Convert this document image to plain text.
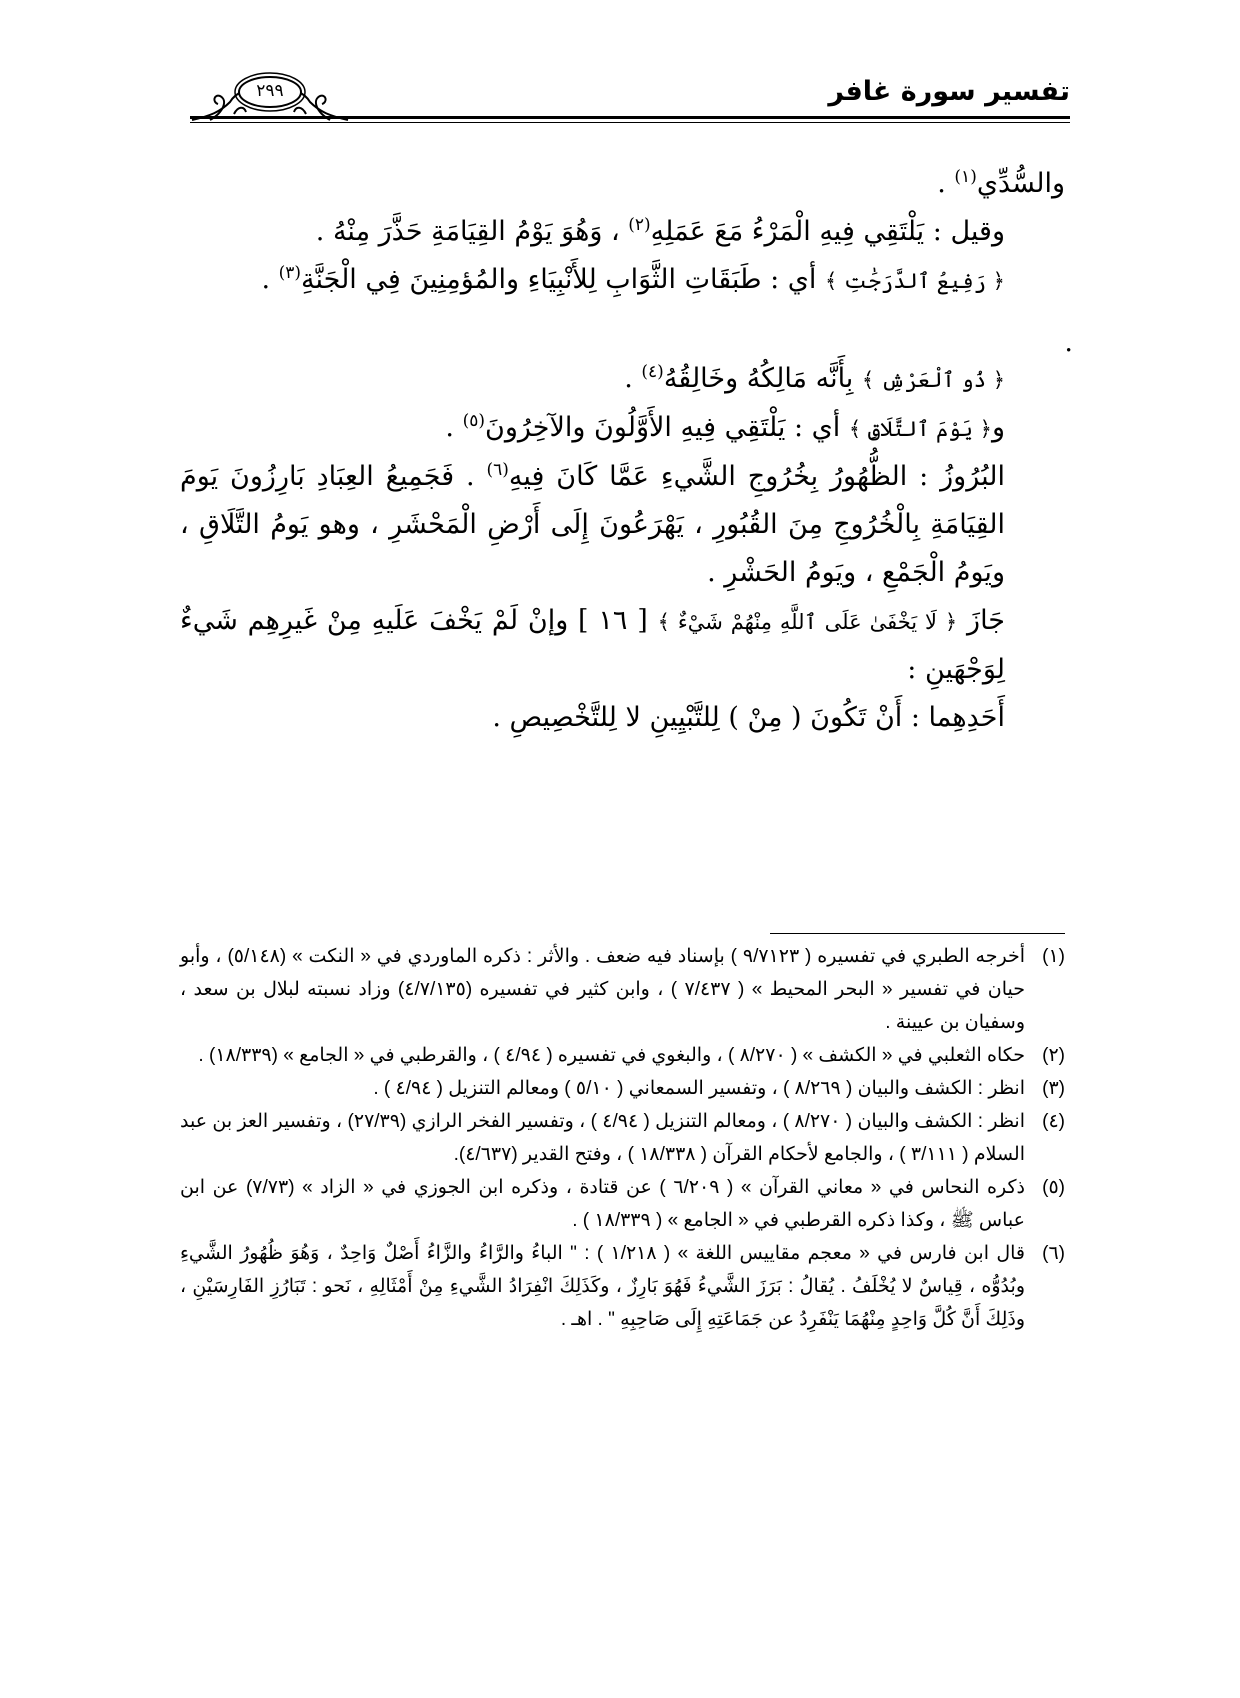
تفسير سورة غافر
٢٩٩

والسُّدِّي$^{(١)}$ .

وقيل : يَلْتَقِي فِيهِ الْمَرْءُ مَعَ عَمَلِهِ$^{(٢)}$ ، وَهُوَ يَوْمُ القِيَامَةِ حَذَّرَ مِنْهُ .

﴿ رَفِيعُ ٱلدَّرَجَٰتِ ﴾ أي : طَبَقَاتِ الثَّوَابِ لِلأَنْبِيَاءِ والمُؤمِنِينَ فِي الْجَنَّةِ$^{(٣)}$ .

.

﴿ ذُو ٱلْعَرْشِ ﴾ بِأَنَّه مَالِكُهُ وخَالِقُهُ$^{(٤)}$ .

و﴿ يَوْمَ ٱلتَّلَاقِ ﴾ أي : يَلْتَقِي فِيهِ الأَوَّلُونَ والآخِرُونَ$^{(٥)}$ .

البُرُوزُ : الظُّهُورُ بِخُرُوجِ الشَّيءِ عَمَّا كَانَ فِيهِ$^{(٦)}$ . فَجَمِيعُ العِبَادِ بَارِزُونَ يَومَ القِيَامَةِ بِالْخُرُوجِ مِنَ القُبُورِ ، يَهْرَعُونَ إِلَى أَرْضِ الْمَحْشَرِ ، وهو يَومُ التَّلَاقِ ، ويَومُ الْجَمْعِ ، ويَومُ الحَشْرِ .

جَازَ ﴿ لَا يَخْفَىٰ عَلَى ٱللَّهِ مِنْهُمْ شَيْءٌ ﴾ [ ١٦ ] وإنْ لَمْ يَخْفَ عَلَيهِ مِنْ غَيرِهِم شَيءٌ لِوَجْهَينِ :

أَحَدِهِما : أَنْ تَكُونَ ( مِنْ ) لِلتَّبْيِينِ لا لِلتَّخْصِيصِ .

(١)
أخرجه الطبري في تفسيره ( ٩/٧١٢٣ ) بإسناد فيه ضعف . والأثر : ذكره الماوردي في « النكت » (٥/١٤٨) ، وأبو حيان في تفسير « البحر المحيط » ( ٧/٤٣٧ ) ، وابن كثير في تفسيره (٤/٧/١٣٥) وزاد نسبته لبلال بن سعد ، وسفيان بن عيينة .
(٢)
حكاه الثعلبي في « الكشف » ( ٨/٢٧٠ ) ، والبغوي في تفسيره ( ٤/٩٤ ) ، والقرطبي في « الجامع » (١٨/٣٣٩) .
(٣)
انظر : الكشف والبيان ( ٨/٢٦٩ ) ، وتفسير السمعاني ( ٥/١٠ ) ومعالم التنزيل ( ٤/٩٤ ) .
(٤)
انظر : الكشف والبيان ( ٨/٢٧٠ ) ، ومعالم التنزيل ( ٤/٩٤ ) ، وتفسير الفخر الرازي (٢٧/٣٩) ، وتفسير العز بن عبد السلام ( ٣/١١١ ) ، والجامع لأحكام القرآن ( ١٨/٣٣٨ ) ، وفتح القدير (٤/٦٣٧).
(٥)
ذكره النحاس في « معاني القرآن » ( ٦/٢٠٩ ) عن قتادة ، وذكره ابن الجوزي في « الزاد » (٧/٧٣) عن ابن عباس ﷺ ، وكذا ذكره القرطبي في « الجامع » ( ١٨/٣٣٩ ) .
(٦)
قال ابن فارس في « معجم مقاييس اللغة » ( ١/٢١٨ ) : " الباءُ والرَّاءُ والزَّاءُ أَصْلٌ وَاحِدٌ ، وَهُوَ ظُهُورُ الشَّيءِ وبُدُوُّه ، قِياسٌ لا يُخْلَفُ . يُقالُ : بَرَزَ الشَّيءُ فَهُوَ بَارِزٌ ، وكَذَلِكَ انْفِرَادُ الشَّيءِ مِنْ أَمْثَالِهِ ، نَحو : تَبَارُزِ الفَارِسَيْنِ ، وذَلِكَ أَنَّ كُلَّ وَاحِدٍ مِنْهُمَا يَنْفَرِدُ عن جَمَاعَتِهِ إِلَى صَاحِبِهِ " . اهـ .
